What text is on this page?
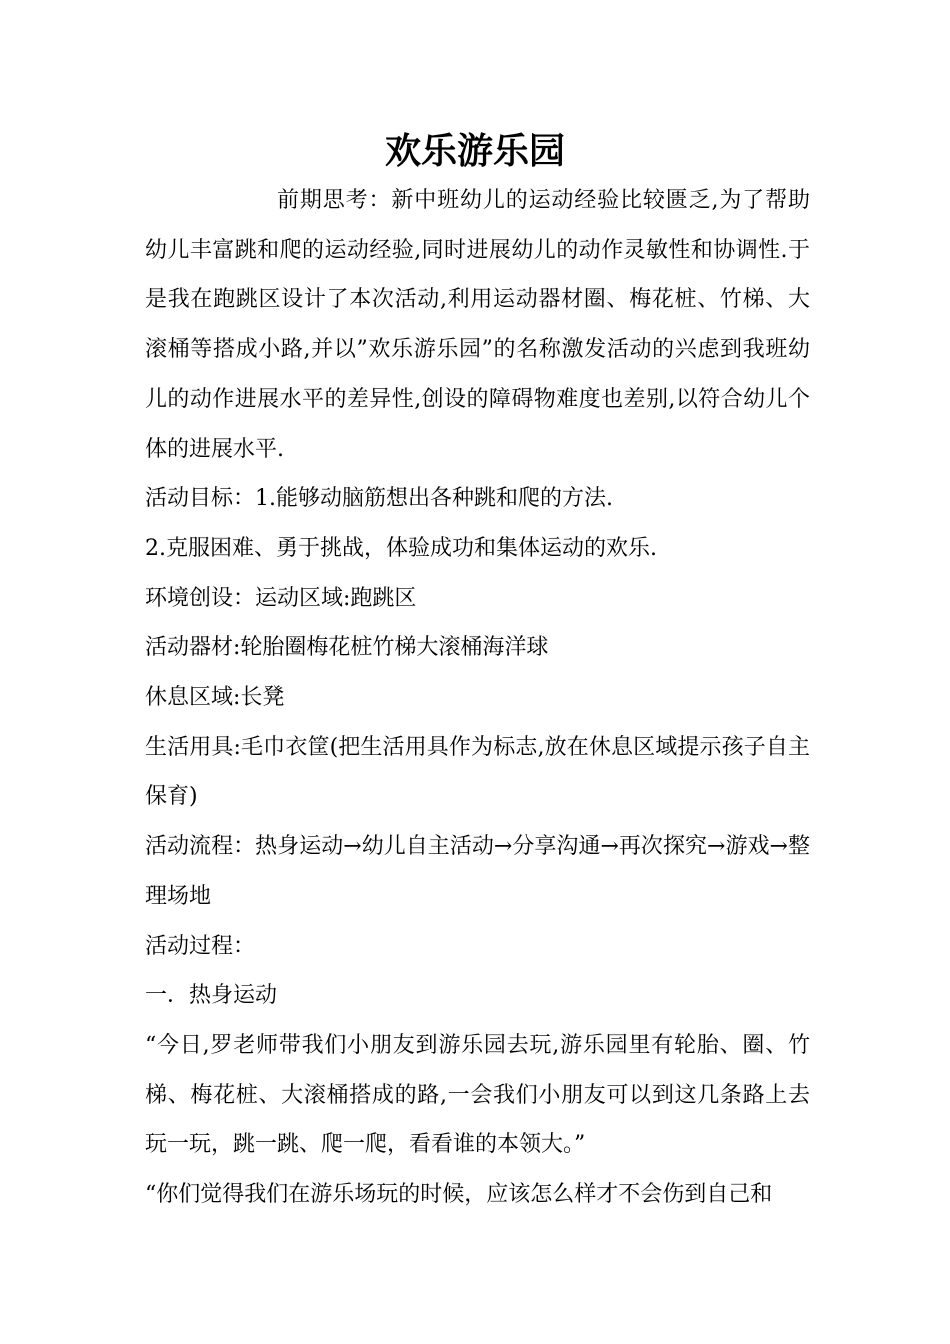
欢乐游乐园

前期思考：新中班幼儿的运动经验比较匮乏,为了帮助幼儿丰富跳和爬的运动经验,同时进展幼儿的动作灵敏性和协调性.于是我在跑跳区设计了本次活动,利用运动器材圈、梅花桩、竹梯、大滚桶等搭成小路,并以”欢乐游乐园”的名称激发活动的兴虑到我班幼儿的动作进展水平的差异性,创设的障碍物难度也差别,以符合幼儿个体的进展水平.

活动目标：1.能够动脑筋想出各种跳和爬的方法.

2.克服困难、勇于挑战，体验成功和集体运动的欢乐.

环境创设：运动区域:跑跳区

活动器材:轮胎圈梅花桩竹梯大滚桶海洋球

休息区域:长凳

生活用具:毛巾衣筐(把生活用具作为标志,放在休息区域提示孩子自主保育)

活动流程：热身运动→幼儿自主活动→分享沟通→再次探究→游戏→整理场地

活动过程：

一．热身运动

“今日,罗老师带我们小朋友到游乐园去玩,游乐园里有轮胎、圈、竹梯、梅花桩、大滚桶搭成的路,一会我们小朋友可以到这几条路上去玩一玩，跳一跳、爬一爬，看看谁的本领大。”

“你们觉得我们在游乐场玩的时候，应该怎么样才不会伤到自己和
